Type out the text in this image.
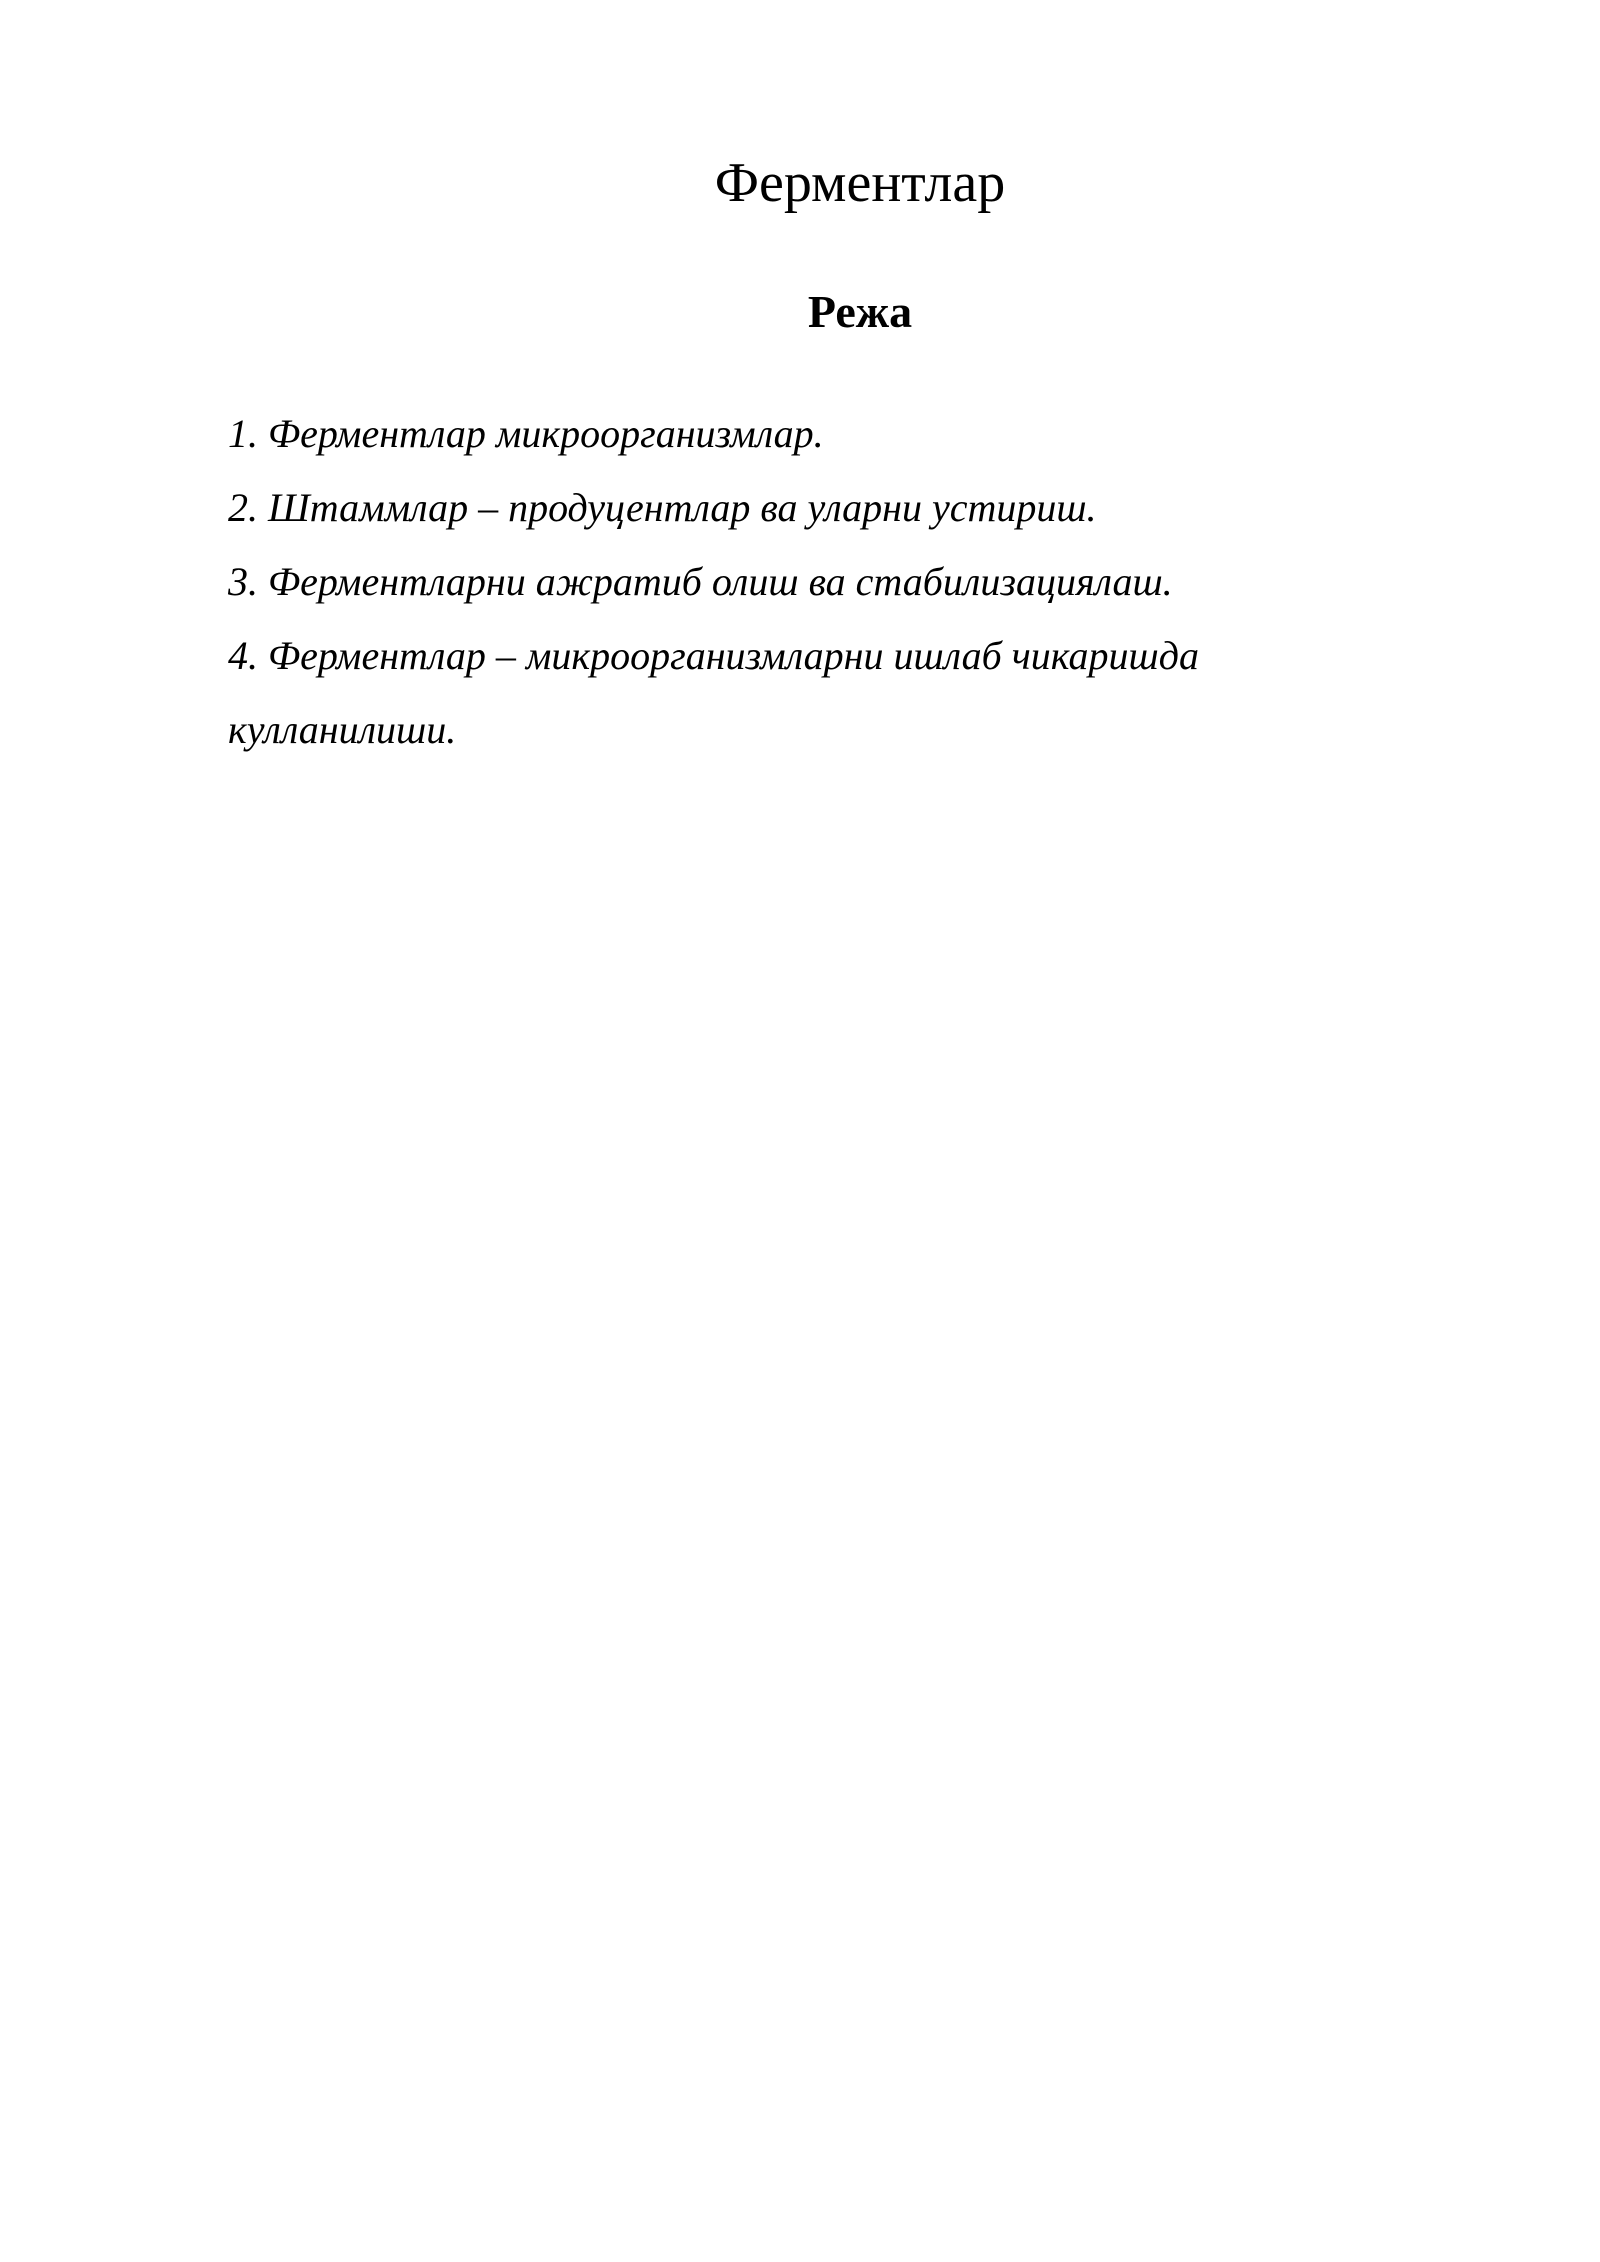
Ферментлар
Режа
1. Ферментлар микроорганизмлар.
2. Штаммлар – продуцентлар ва уларни устириш.
3. Ферментларни ажратиб олиш ва стабилизациялаш.
4. Ферментлар – микроорганизмларни ишлаб чикаришда кулланилиши.
